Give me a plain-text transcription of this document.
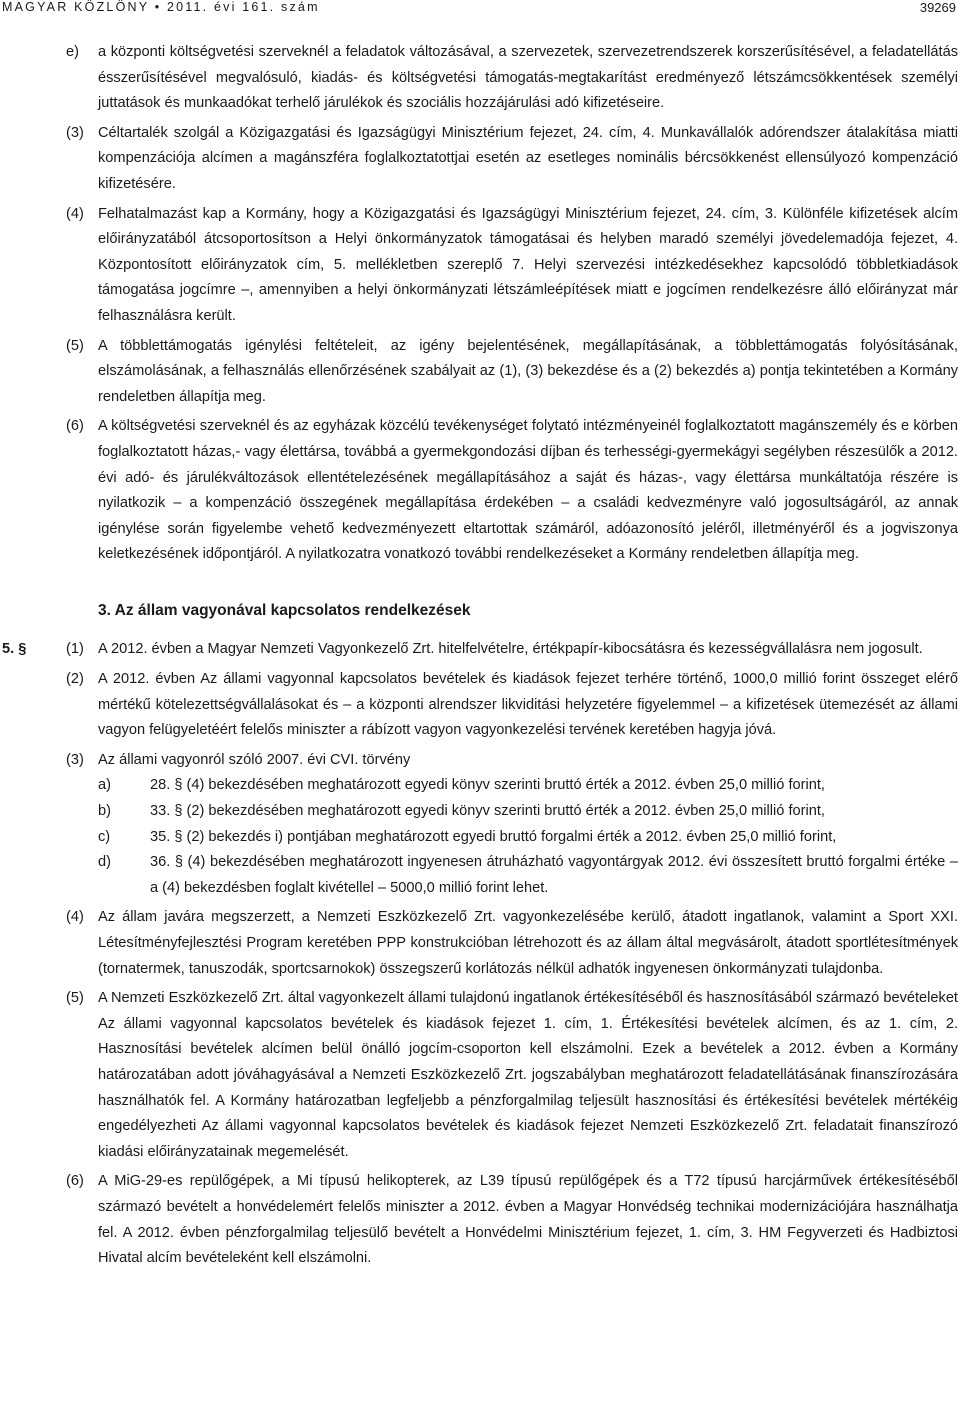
MAGYAR KÖZLÖNY • 2011. évi 161. szám	39269
e) a központi költségvetési szerveknél a feladatok változásával, a szervezetek, szervezetrendszerek korszerűsítésével, a feladatellátás ésszerűsítésével megvalósuló, kiadás- és költségvetési támogatás-megtakarítást eredményező létszámcsökkentések személyi juttatások és munkaadókat terhelő járulékok és szociális hozzájárulási adó kifizetéseire.
(3) Céltartalék szolgál a Közigazgatási és Igazságügyi Minisztérium fejezet, 24. cím, 4. Munkavállalók adórendszer átalakítása miatti kompenzációja alcímen a magánszféra foglalkoztatottjai esetén az esetleges nominális bércsökkenést ellensúlyozó kompenzáció kifizetésére.
(4) Felhatalmazást kap a Kormány, hogy a Közigazgatási és Igazságügyi Minisztérium fejezet, 24. cím, 3. Különféle kifizetések alcím előirányzatából átcsoportosítson a Helyi önkormányzatok támogatásai és helyben maradó személyi jövedelemadója fejezet, 4. Központosított előirányzatok cím, 5. mellékletben szereplő 7. Helyi szervezési intézkedésekhez kapcsolódó többletkiadások támogatása jogcímre –, amennyiben a helyi önkormányzati létszámleépítések miatt e jogcímen rendelkezésre álló előirányzat már felhasználásra került.
(5) A többlettámogatás igénylési feltételeit, az igény bejelentésének, megállapításának, a többlettámogatás folyósításának, elszámolásának, a felhasználás ellenőrzésének szabályait az (1), (3) bekezdése és a (2) bekezdés a) pontja tekintetében a Kormány rendeletben állapítja meg.
(6) A költségvetési szerveknél és az egyházak közcélú tevékenységet folytató intézményeinél foglalkoztatott magánszemély és e körben foglalkoztatott házas,- vagy élettársa, továbbá a gyermekgondozási díjban és terhességi-gyermekágyi segélyben részesülők a 2012. évi adó- és járulékváltozások ellentételezésének megállapításához a saját és házas-, vagy élettársa munkáltatója részére is nyilatkozik – a kompenzáció összegének megállapítása érdekében – a családi kedvezményre való jogosultságáról, az annak igénylése során figyelembe vehető kedvezményezett eltartottak számáról, adóazonosító jeléről, illetményéről és a jogviszonya keletkezésének időpontjáról. A nyilatkozatra vonatkozó további rendelkezéseket a Kormány rendeletben állapítja meg.
3. Az állam vagyonával kapcsolatos rendelkezések
5. §	(1) A 2012. évben a Magyar Nemzeti Vagyonkezelő Zrt. hitelfelvételre, értékpapír-kibocsátásra és kezességvállalásra nem jogosult.
(2) A 2012. évben Az állami vagyonnal kapcsolatos bevételek és kiadások fejezet terhére történő, 1000,0 millió forint összeget elérő mértékű kötelezettségvállalásokat és – a központi alrendszer likviditási helyzetére figyelemmel – a kifizetések ütemezését az állami vagyon felügyeletéért felelős miniszter a rábízott vagyon vagyonkezelési tervének keretében hagyja jóvá.
(3) Az állami vagyonról szóló 2007. évi CVI. törvény
a)	28. § (4) bekezdésében meghatározott egyedi könyv szerinti bruttó érték a 2012. évben 25,0 millió forint,
b)	33. § (2) bekezdésében meghatározott egyedi könyv szerinti bruttó érték a 2012. évben 25,0 millió forint,
c)	35. § (2) bekezdés i) pontjában meghatározott egyedi bruttó forgalmi érték a 2012. évben 25,0 millió forint,
d)	36. § (4) bekezdésében meghatározott ingyenesen átruházható vagyontárgyak 2012. évi összesített bruttó forgalmi értéke – a (4) bekezdésben foglalt kivétellel – 5000,0 millió forint lehet.
(4) Az állam javára megszerzett, a Nemzeti Eszközkezelő Zrt. vagyonkezelésébe kerülő, átadott ingatlanok, valamint a Sport XXI. Létesítményfejlesztési Program keretében PPP konstrukcióban létrehozott és az állam által megvásárolt, átadott sportlétesítmények (tornatermek, tanuszodák, sportcsarnokok) összegszerű korlátozás nélkül adhatók ingyenesen önkormányzati tulajdonba.
(5) A Nemzeti Eszközkezelő Zrt. által vagyonkezelt állami tulajdonú ingatlanok értékesítéséből és hasznosításából származó bevételeket Az állami vagyonnal kapcsolatos bevételek és kiadások fejezet 1. cím, 1. Értékesítési bevételek alcímen, és az 1. cím, 2. Hasznosítási bevételek alcímen belül önálló jogcím-csoporton kell elszámolni. Ezek a bevételek a 2012. évben a Kormány határozatában adott jóváhagyásával a Nemzeti Eszközkezelő Zrt. jogszabályban meghatározott feladatellátásának finanszírozására használhatók fel. A Kormány határozatban legfeljebb a pénzforgalmilag teljesült hasznosítási és értékesítési bevételek mértékéig engedélyezheti Az állami vagyonnal kapcsolatos bevételek és kiadások fejezet Nemzeti Eszközkezelő Zrt. feladatait finanszírozó kiadási előirányzatainak megemelését.
(6) A MiG-29-es repülőgépek, a Mi típusú helikopterek, az L39 típusú repülőgépek és a T72 típusú harcjárművek értékesítéséből származó bevételt a honvédelemért felelős miniszter a 2012. évben a Magyar Honvédség technikai modernizációjára használhatja fel. A 2012. évben pénzforgalmilag teljesülő bevételt a Honvédelmi Minisztérium fejezet, 1. cím, 3. HM Fegyverzeti és Hadbiztosi Hivatal alcím bevételeként kell elszámolni.
